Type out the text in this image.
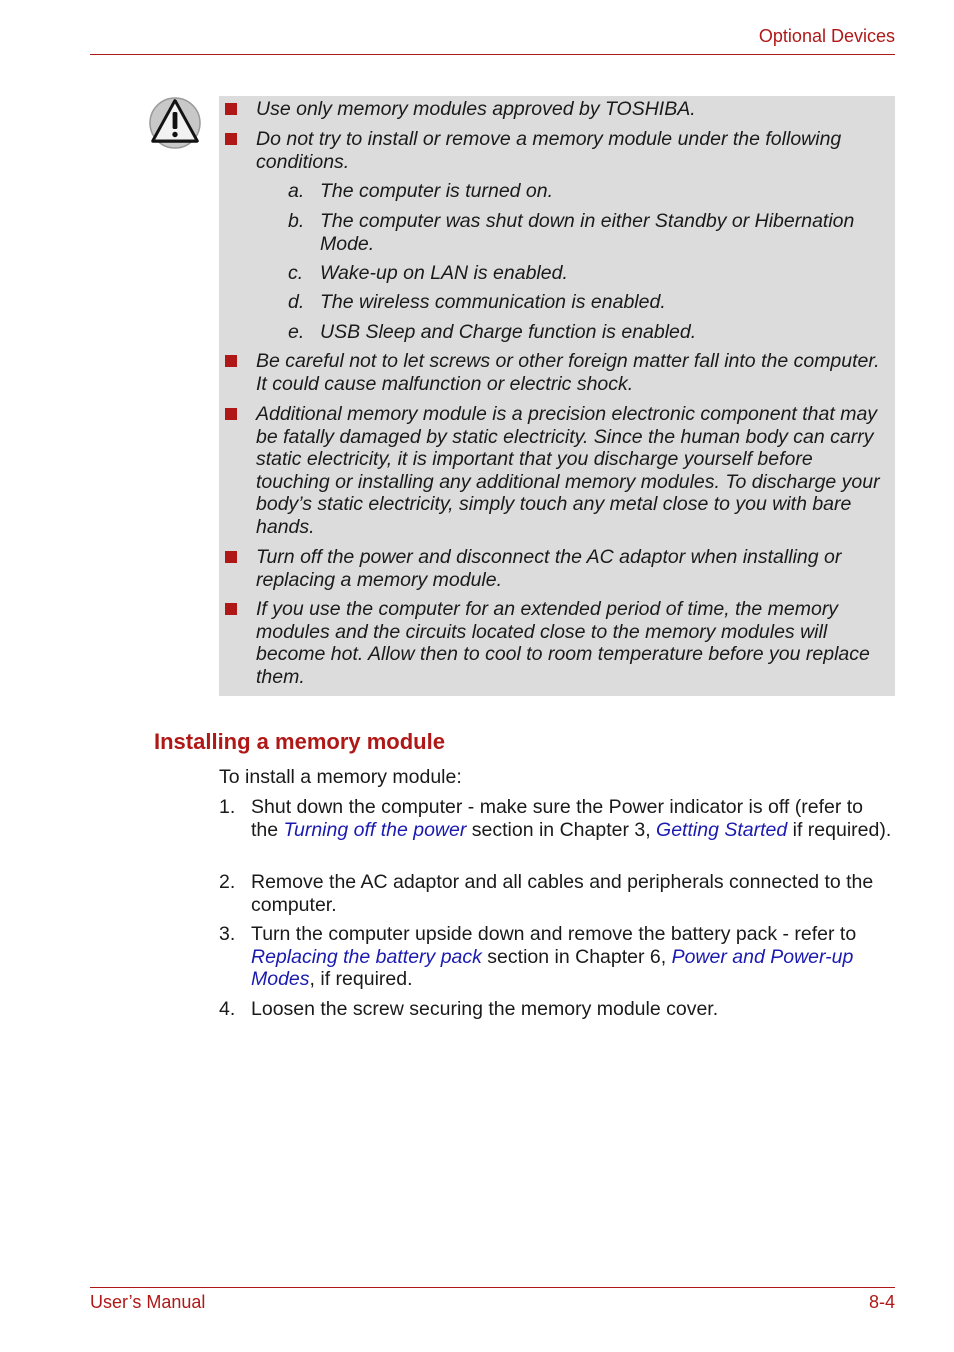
Optional Devices
Use only memory modules approved by TOSHIBA.
Do not try to install or remove a memory module under the following conditions.
a. The computer is turned on.
b. The computer was shut down in either Standby or Hibernation Mode.
c. Wake-up on LAN is enabled.
d. The wireless communication is enabled.
e. USB Sleep and Charge function is enabled.
Be careful not to let screws or other foreign matter fall into the computer. It could cause malfunction or electric shock.
Additional memory module is a precision electronic component that may be fatally damaged by static electricity. Since the human body can carry static electricity, it is important that you discharge yourself before touching or installing any additional memory modules. To discharge your body’s static electricity, simply touch any metal close to you with bare hands.
Turn off the power and disconnect the AC adaptor when installing or replacing a memory module.
If you use the computer for an extended period of time, the memory modules and the circuits located close to the memory modules will become hot. Allow then to cool to room temperature before you replace them.
Installing a memory module
To install a memory module:
1. Shut down the computer - make sure the Power indicator is off (refer to the Turning off the power section in Chapter 3, Getting Started if required).
2. Remove the AC adaptor and all cables and peripherals connected to the computer.
3. Turn the computer upside down and remove the battery pack - refer to Replacing the battery pack section in Chapter 6, Power and Power-up Modes, if required.
4. Loosen the screw securing the memory module cover.
User’s Manual	8-4
